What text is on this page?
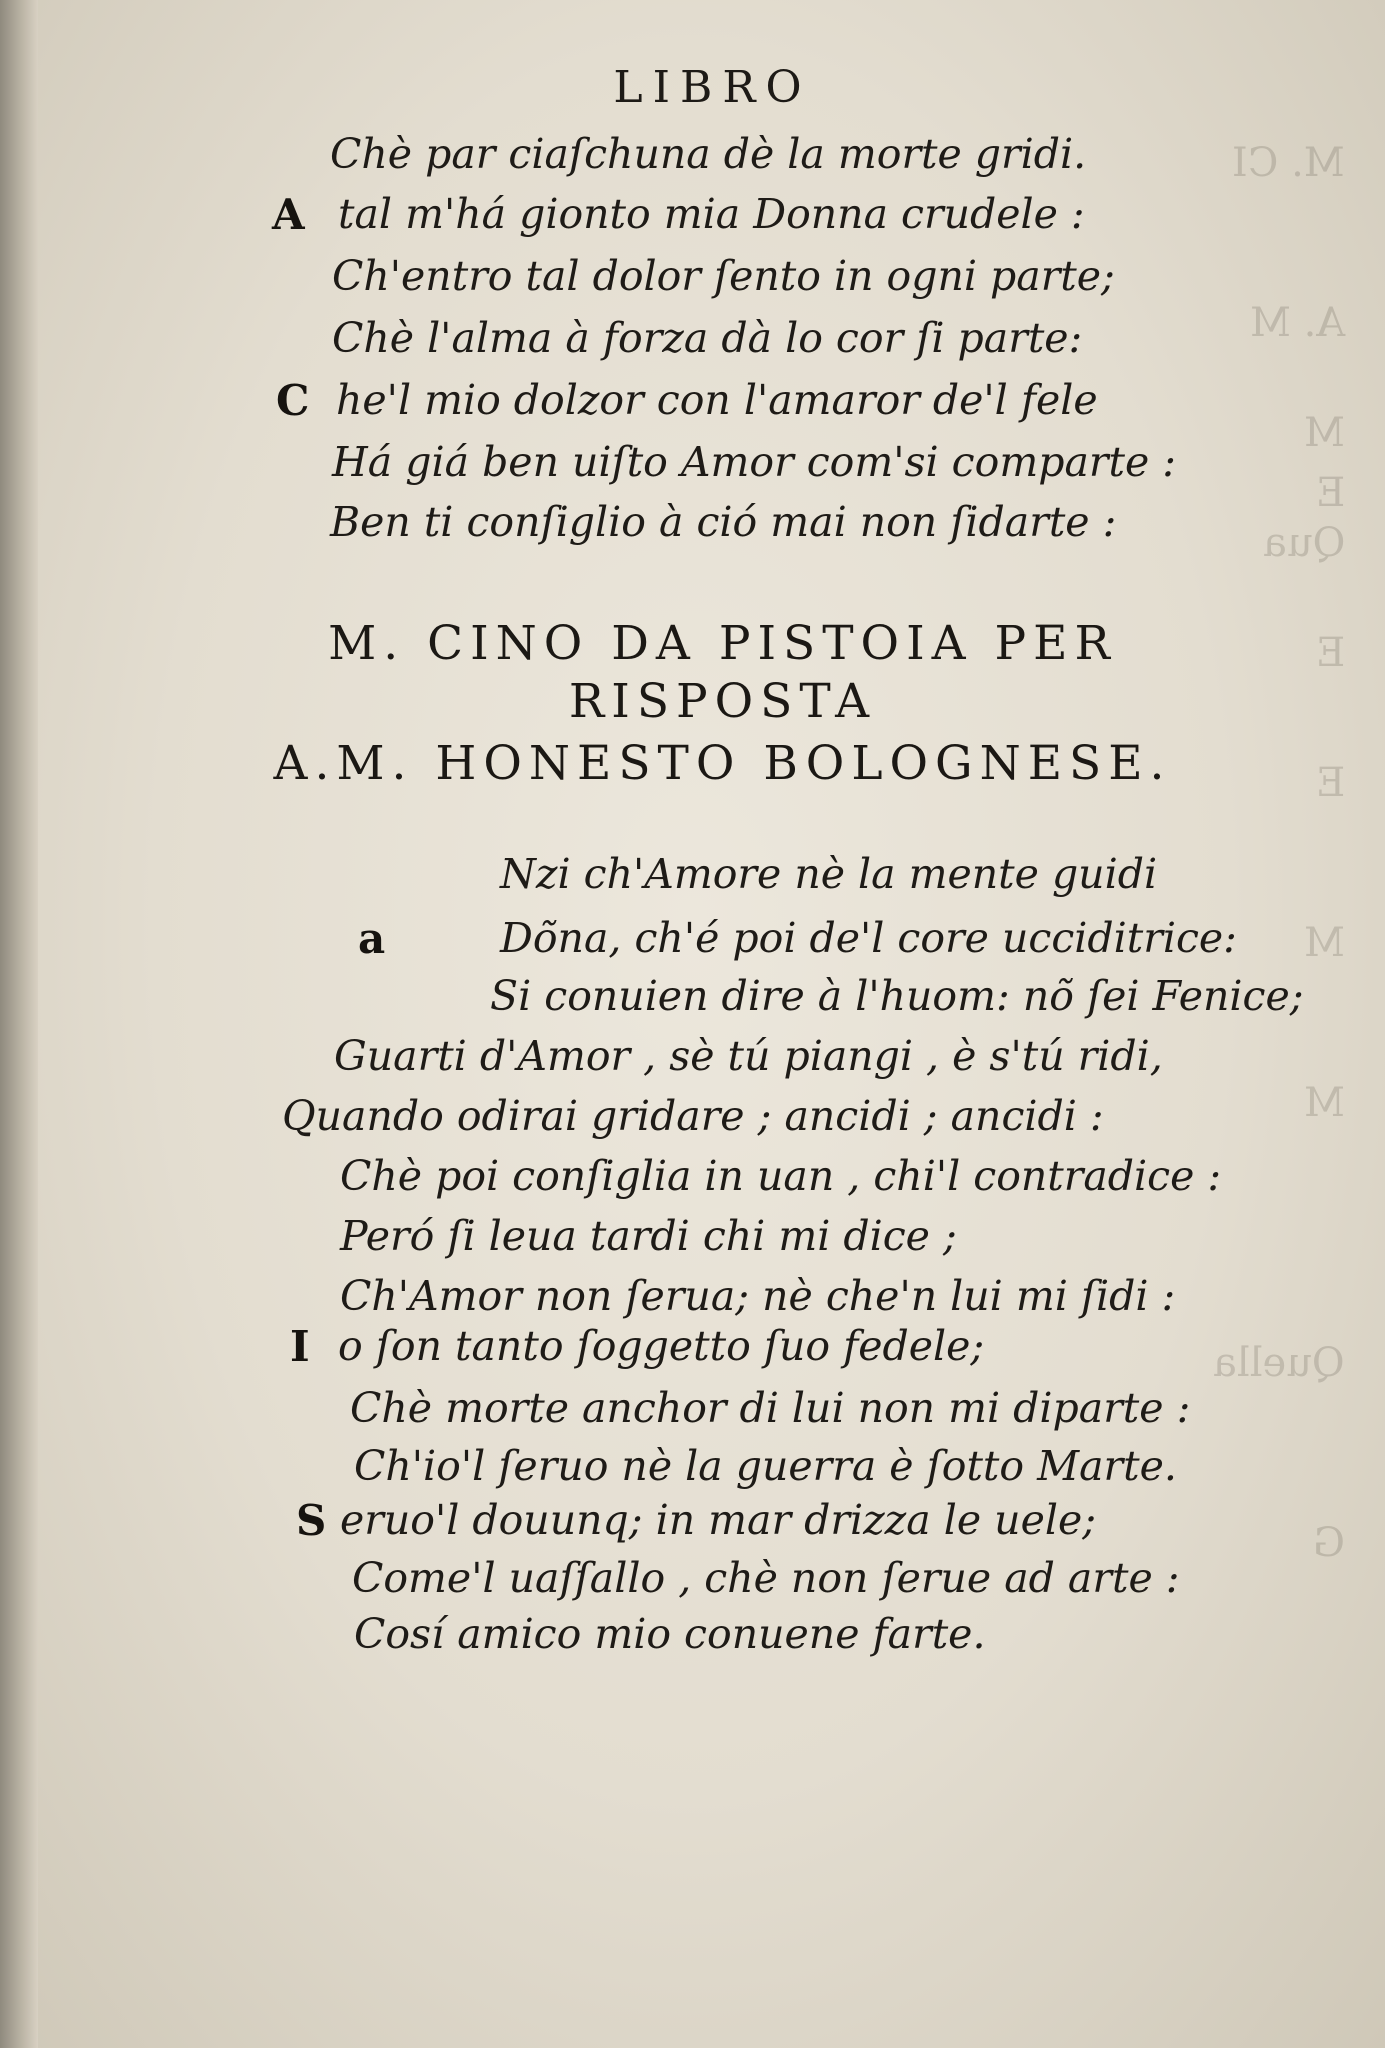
M. CI
A. M
M
E
Qua
E
E
M
M
Quella
G
LIBRO
Chè par ciaſchuna dè la morte gridi.
A tal m'há gionto mia Donna crudele :
Ch'entro tal dolor ſento in ogni parte;
Chè l'alma à forza dà lo cor ſi parte:
C he'l mio dolzor con l'amaror de'l fele
Há giá ben uiſto Amor com'si comparte :
Ben ti conſiglio à ció mai non ſidarte :
M. CINO DA PISTOIA PER
RISPOSTA
A.M. HONESTO BOLOGNESE.
Nzi ch'Amore nè la mente guidi
a	Dõna, ch'é poi de'l core ucciditrice:
Si conuien dire à l'huom: nõ ſei Fenice;
Guarti d'Amor , sè tú piangi , è s'tú ridi,
Quando odirai gridare ; ancidi ; ancidi :
Chè poi conſiglia in uan , chi'l contradice :
Peró ſi leua tardi chi mi dice ;
Ch'Amor non ſerua; nè che'n lui mi ſidi :
I o ſon tanto ſoggetto ſuo fedele;
Chè morte anchor di lui non mi diparte :
Ch'io'l ſeruo nè la guerra è ſotto Marte.
S eruo'l douunq; in mar drizza le uele;
Come'l uaſſallo , chè non ſerue ad arte :
Cosí amico mio conuene farte.
